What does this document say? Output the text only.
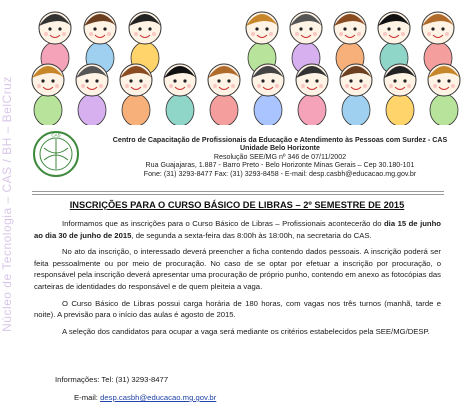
Núcleo de Tecnologia – CAS / BH – BelCruz	CAS
Centro de Capacitação de Profissionais da Educação e Atendimento às Pessoas com Surdez - CAS
Unidade Belo Horizonte
Resolução SEE/MG nº 346 de 07/11/2002
Rua Guajajaras, 1.887 - Barro Preto - Belo Horizonte Minas Gerais – Cep 30.180-101
Fone: (31) 3293-8477 Fax: (31) 3293-8458 - E-mail: desp.casbh@educacao.mg.gov.br
INSCRIÇÕES PARA O CURSO BÁSICO DE LIBRAS – 2º SEMESTRE DE 2015

Informamos que as inscrições para o Curso Básico de Libras – Profissionais acontecerão do dia 15 de junho ao dia 30 de junho de 2015, de segunda a sexta-feira das 8:00h às 18:00h, na secretaria do CAS.

No ato da inscrição, o interessado deverá preencher a ficha contendo dados pessoais. A inscrição poderá ser feita pessoalmente ou por meio de procuração. No caso de se optar por efetuar a inscrição por procuração, o responsável pela inscrição deverá apresentar uma procuração de próprio punho, contendo em anexo as fotocópias das carteiras de identidades do responsável e de quem pleiteia a vaga.

O Curso Básico de Libras possui carga horária de 180 horas, com vagas nos três turnos (manhã, tarde e noite). A previsão para o início das aulas é agosto de 2015.

A seleção dos candidatos para ocupar a vaga será mediante os critérios estabelecidos pela SEE/MG/DESP.

Informações: Tel: (31) 3293-8477
E-mail: desp.casbh@educacao.mg.gov.br
